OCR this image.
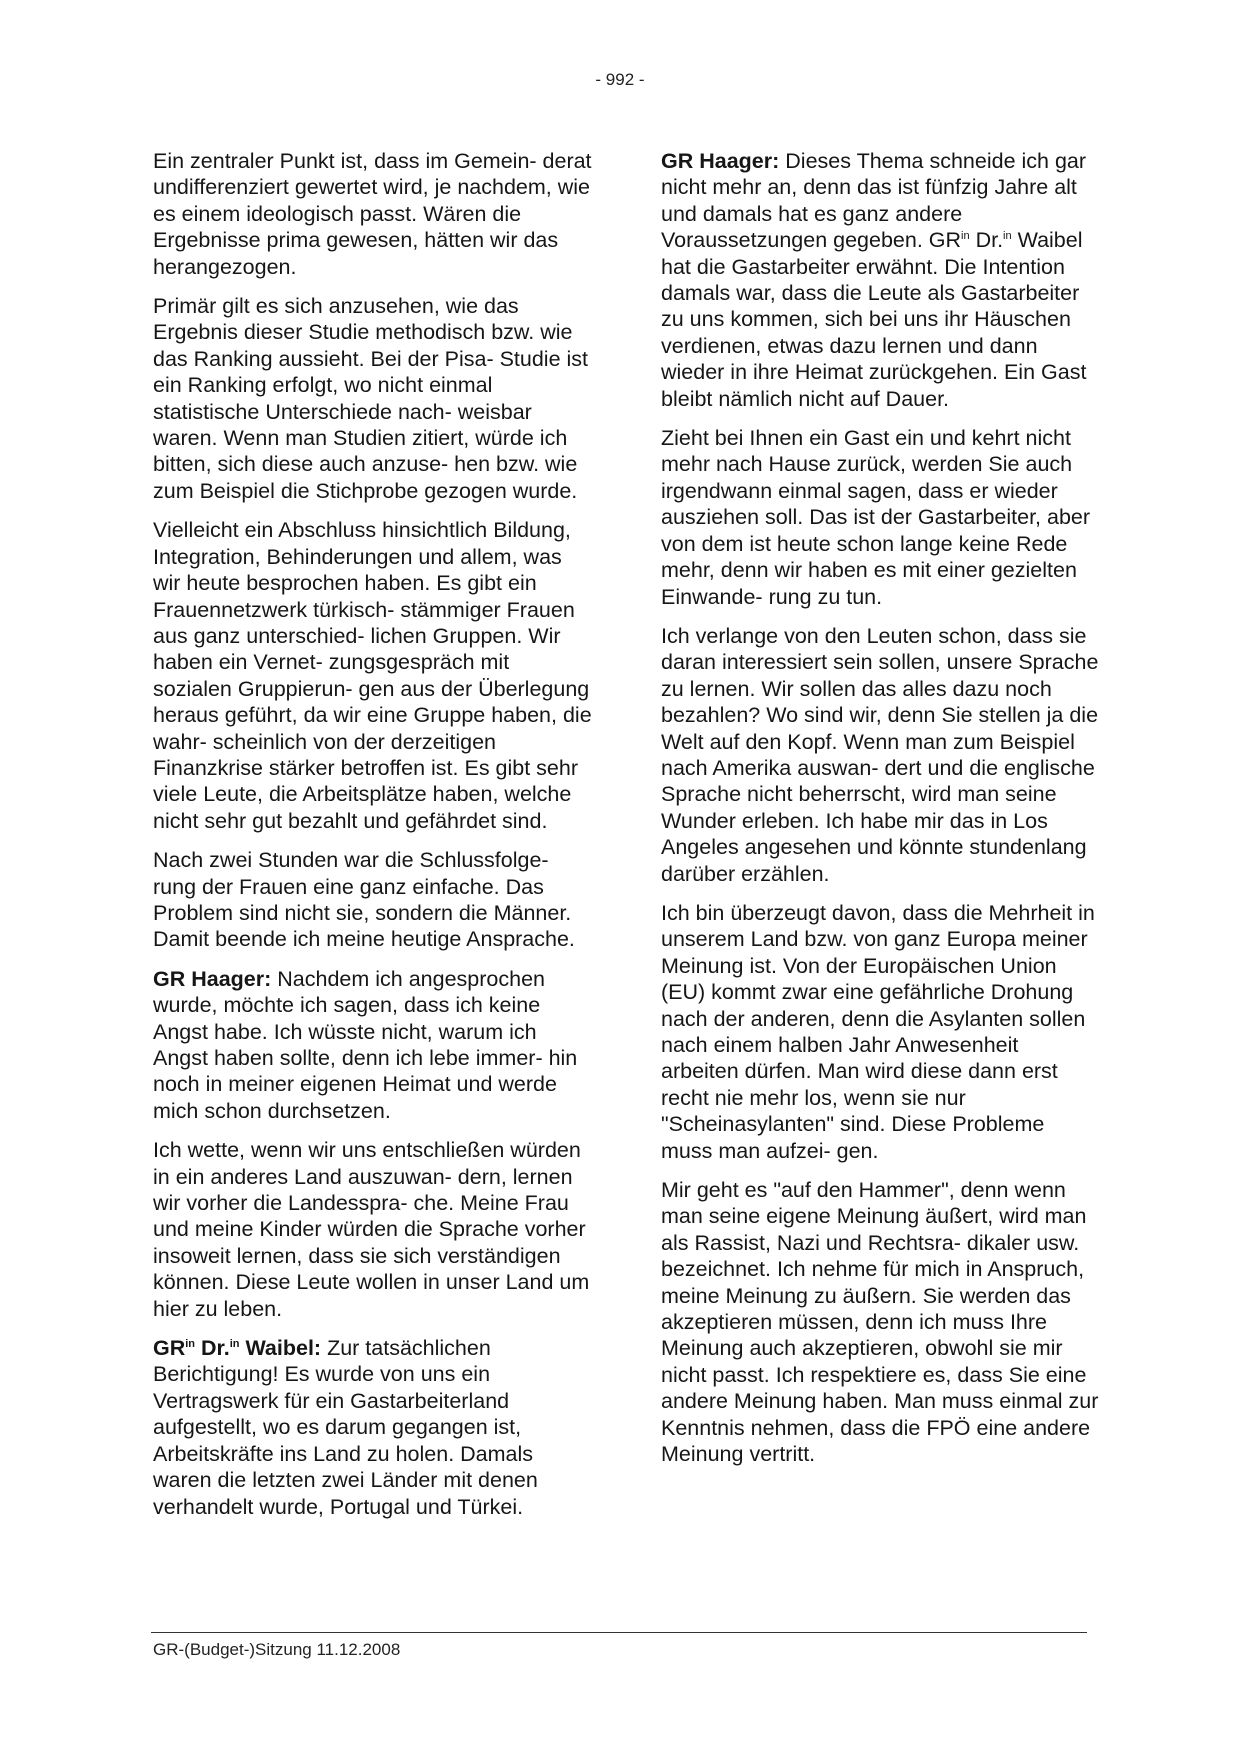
- 992 -

Ein zentraler Punkt ist, dass im Gemein- derat undifferenziert gewertet wird, je nachdem, wie es einem ideologisch passt. Wären die Ergebnisse prima gewesen, hätten wir das herangezogen.

Primär gilt es sich anzusehen, wie das Ergebnis dieser Studie methodisch bzw. wie das Ranking aussieht. Bei der Pisa- Studie ist ein Ranking erfolgt, wo nicht einmal statistische Unterschiede nach- weisbar waren. Wenn man Studien zitiert, würde ich bitten, sich diese auch anzuse- hen bzw. wie zum Beispiel die Stichprobe gezogen wurde.

Vielleicht ein Abschluss hinsichtlich Bildung, Integration, Behinderungen und allem, was wir heute besprochen haben. Es gibt ein Frauennetzwerk türkisch- stämmiger Frauen aus ganz unterschied- lichen Gruppen. Wir haben ein Vernet- zungsgespräch mit sozialen Gruppierun- gen aus der Überlegung heraus geführt, da wir eine Gruppe haben, die wahr- scheinlich von der derzeitigen Finanzkrise stärker betroffen ist. Es gibt sehr viele Leute, die Arbeitsplätze haben, welche nicht sehr gut bezahlt und gefährdet sind.

Nach zwei Stunden war die Schlussfolge- rung der Frauen eine ganz einfache. Das Problem sind nicht sie, sondern die Männer. Damit beende ich meine heutige Ansprache.

GR Haager: Nachdem ich angesprochen wurde, möchte ich sagen, dass ich keine Angst habe. Ich wüsste nicht, warum ich Angst haben sollte, denn ich lebe immer- hin noch in meiner eigenen Heimat und werde mich schon durchsetzen.

Ich wette, wenn wir uns entschließen würden in ein anderes Land auszuwan- dern, lernen wir vorher die Landesspra- che. Meine Frau und meine Kinder würden die Sprache vorher insoweit lernen, dass sie sich verständigen können. Diese Leute wollen in unser Land um hier zu leben.

$GR^{in}$ Dr.$^{in}$ Waibel: Zur tatsächlichen Berichtigung! Es wurde von uns ein Vertragswerk für ein Gastarbeiterland aufgestellt, wo es darum gegangen ist, Arbeitskräfte ins Land zu holen. Damals waren die letzten zwei Länder mit denen verhandelt wurde, Portugal und Türkei.

GR Haager: Dieses Thema schneide ich gar nicht mehr an, denn das ist fünfzig Jahre alt und damals hat es ganz andere Voraussetzungen gegeben. $GR^{in}$ Dr.$^{in}$ Waibel hat die Gastarbeiter erwähnt. Die Intention damals war, dass die Leute als Gastarbeiter zu uns kommen, sich bei uns ihr Häuschen verdienen, etwas dazu lernen und dann wieder in ihre Heimat zurückgehen. Ein Gast bleibt nämlich nicht auf Dauer.

Zieht bei Ihnen ein Gast ein und kehrt nicht mehr nach Hause zurück, werden Sie auch irgendwann einmal sagen, dass er wieder ausziehen soll. Das ist der Gastarbeiter, aber von dem ist heute schon lange keine Rede mehr, denn wir haben es mit einer gezielten Einwande- rung zu tun.

Ich verlange von den Leuten schon, dass sie daran interessiert sein sollen, unsere Sprache zu lernen. Wir sollen das alles dazu noch bezahlen? Wo sind wir, denn Sie stellen ja die Welt auf den Kopf. Wenn man zum Beispiel nach Amerika auswan- dert und die englische Sprache nicht beherrscht, wird man seine Wunder erleben. Ich habe mir das in Los Angeles angesehen und könnte stundenlang darüber erzählen.

Ich bin überzeugt davon, dass die Mehrheit in unserem Land bzw. von ganz Europa meiner Meinung ist. Von der Europäischen Union (EU) kommt zwar eine gefährliche Drohung nach der anderen, denn die Asylanten sollen nach einem halben Jahr Anwesenheit arbeiten dürfen. Man wird diese dann erst recht nie mehr los, wenn sie nur "Scheinasylanten" sind. Diese Probleme muss man aufzei- gen.

Mir geht es "auf den Hammer", denn wenn man seine eigene Meinung äußert, wird man als Rassist, Nazi und Rechtsra- dikaler usw. bezeichnet. Ich nehme für mich in Anspruch, meine Meinung zu äußern. Sie werden das akzeptieren müssen, denn ich muss Ihre Meinung auch akzeptieren, obwohl sie mir nicht passt. Ich respektiere es, dass Sie eine andere Meinung haben. Man muss einmal zur Kenntnis nehmen, dass die FPÖ eine andere Meinung vertritt.

GR-(Budget-)Sitzung 11.12.2008
